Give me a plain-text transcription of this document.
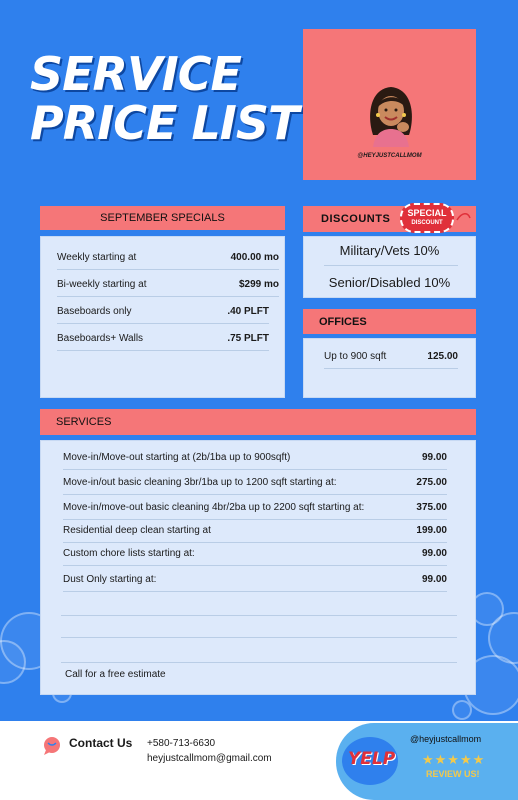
SERVICE
PRICE LIST
@HEYJUSTCALLMOM
SEPTEMBER SPECIALS
Weekly starting at	400.00 mo
Bi-weekly starting at	$299 mo
Baseboards only	.40 PLFT
Baseboards+ Walls	.75 PLFT
DISCOUNTS	SPECIAL
DISCOUNT
Military/Vets 10%
Senior/Disabled 10%
OFFICES
Up to 900 sqft	125.00
SERVICES
Move-in/Move-out starting at (2b/1ba up to 900sqft)	99.00
Move-in/out basic cleaning 3br/1ba up to 1200 sqft starting at:	275.00
Move-in/move-out basic cleaning 4br/2ba up to 2200 sqft starting at:	375.00
Residential deep clean starting at	199.00
Custom chore lists starting at:	99.00
Dust Only starting at:	99.00
Call for a free estimate
Contact Us +580-713-6630
heyjustcallmom@gmail.com	YELP
@heyjustcallmom
★★★★★
REVIEW US!
